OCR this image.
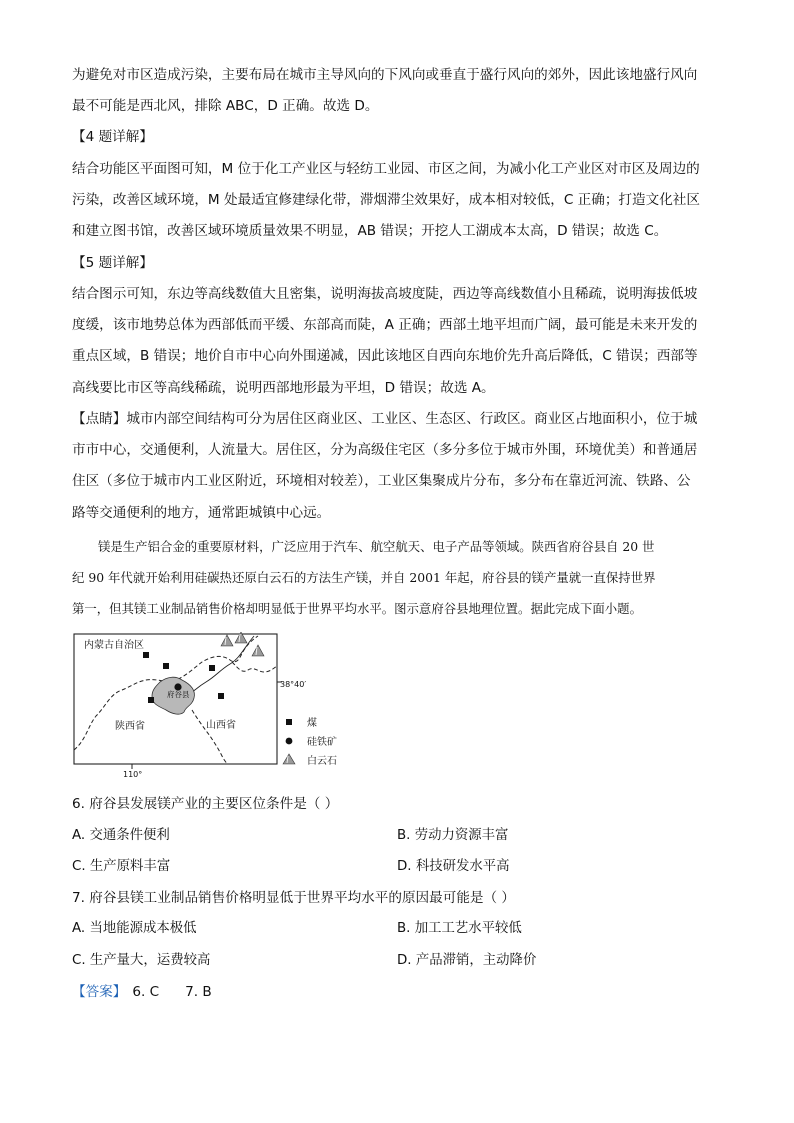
为避免对市区造成污染，主要布局在城市主导风向的下风向或垂直于盛行风向的郊外，因此该地盛行风向
最不可能是西北风，排除 ABC，D 正确。故选 D。
【4 题详解】
结合功能区平面图可知，M 位于化工产业区与轻纺工业园、市区之间，为减小化工产业区对市区及周边的
污染，改善区域环境，M 处最适宜修建绿化带，滞烟滞尘效果好，成本相对较低，C 正确；打造文化社区
和建立图书馆，改善区域环境质量效果不明显，AB 错误；开挖人工湖成本太高，D 错误；故选 C。
【5 题详解】
结合图示可知，东边等高线数值大且密集，说明海拔高坡度陡，西边等高线数值小且稀疏，说明海拔低坡
度缓，该市地势总体为西部低而平缓、东部高而陡，A 正确；西部土地平坦而广阔，最可能是未来开发的
重点区域，B 错误；地价自市中心向外围递减，因此该地区自西向东地价先升高后降低，C 错误；西部等
高线要比市区等高线稀疏，说明西部地形最为平坦，D 错误；故选 A。
【点睛】城市内部空间结构可分为居住区商业区、工业区、生态区、行政区。商业区占地面积小，位于城
市市中心，交通便利，人流量大。居住区，分为高级住宅区（多分多位于城市外围，环境优美）和普通居
住区（多位于城市内工业区附近，环境相对较差），工业区集聚成片分布，多分布在靠近河流、铁路、公
路等交通便利的地方，通常距城镇中心远。
镁是生产铝合金的重要原材料，广泛应用于汽车、航空航天、电子产品等领域。陕西省府谷县自 20 世
纪 90 年代就开始利用硅碳热还原白云石的方法生产镁，并自 2001 年起，府谷县的镁产量就一直保持世界
第一，但其镁工业制品销售价格却明显低于世界平均水平。图示意府谷县地理位置。据此完成下面小题。
内蒙古自治区
陕西省	山西省
府谷县
38°40′
110°
煤
硅铁矿
白云石
6. 府谷县发展镁产业的主要区位条件是（ ）
A. 交通条件便利	B. 劳动力资源丰富
C. 生产原料丰富	D. 科技研发水平高
7. 府谷县镁工业制品销售价格明显低于世界平均水平的原因最可能是（ ）
A. 当地能源成本极低	B. 加工工艺水平较低
C. 生产量大，运费较高	D. 产品滞销，主动降价
【答案】 6. C      7. B
